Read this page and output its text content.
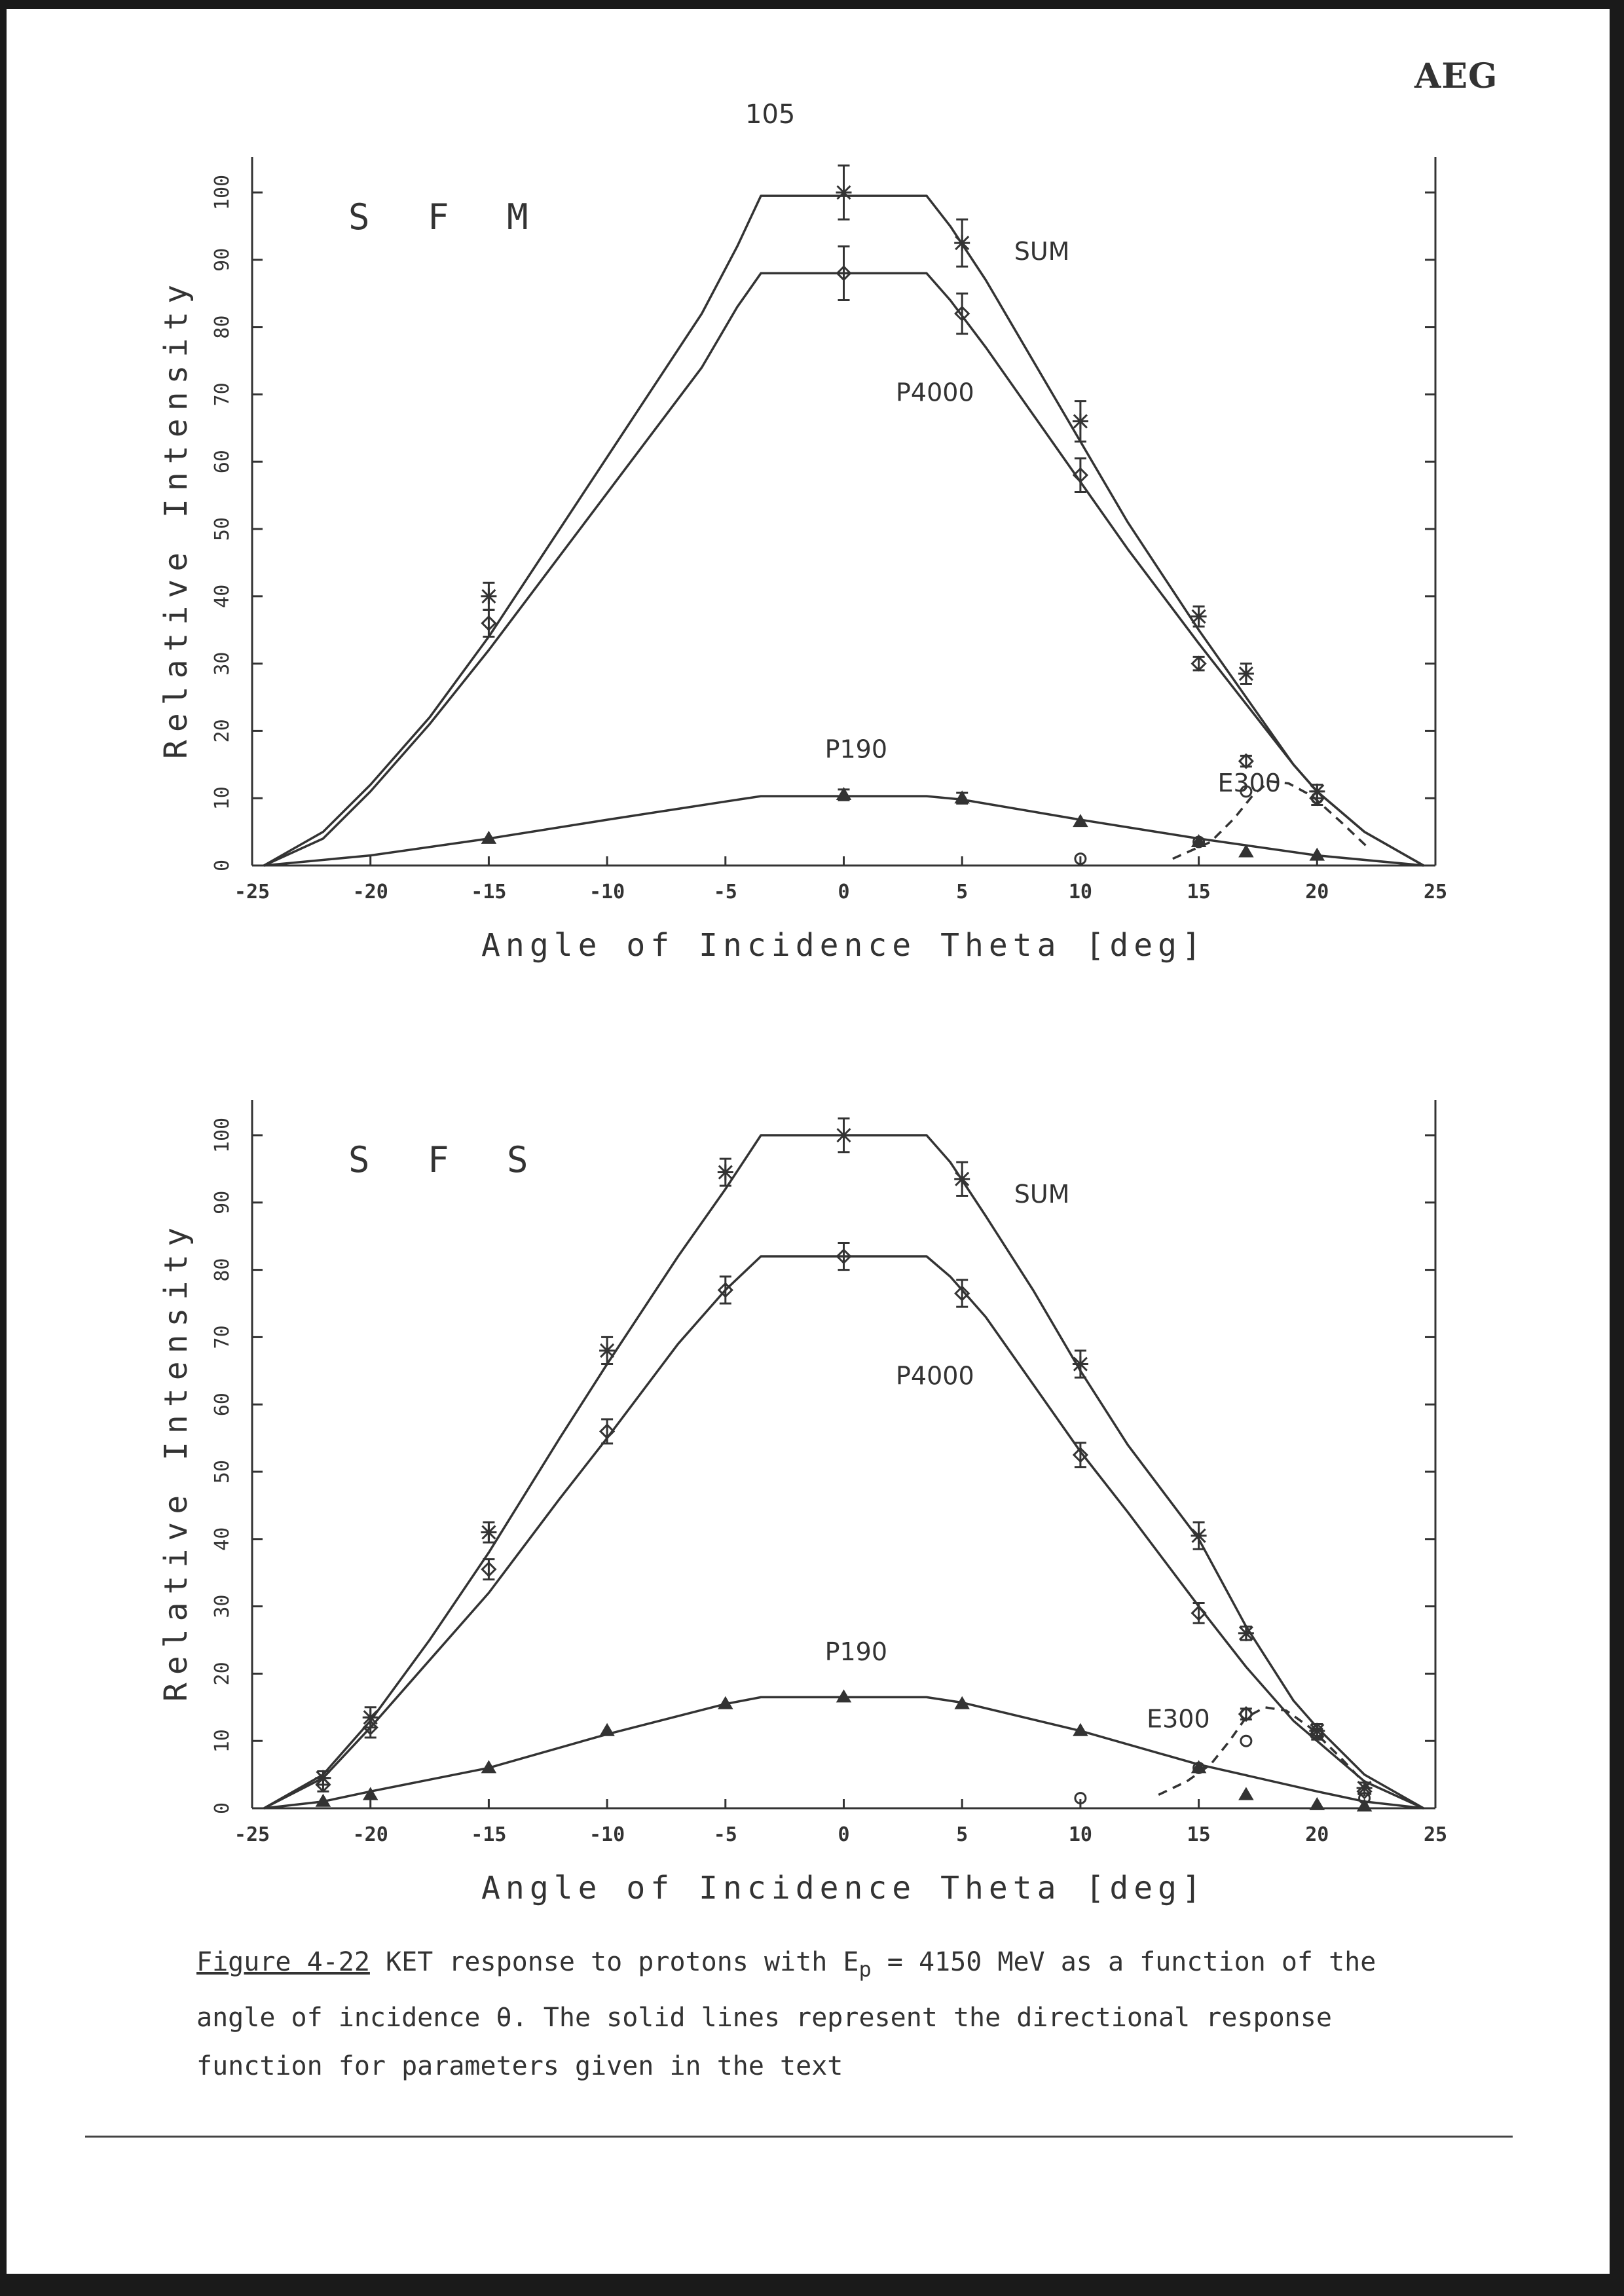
AEG
105
0
10
20
30
40
50
60
70
80
90
100
-25	-20	-15	-10	-5	0	5	10	15	20	25
Angle of Incidence Theta [deg]
Relative Intensity
S F M
SUM
P4000
P190
E300
0
10
20
30
40
50
60
70
80
90
100
-25	-20	-15	-10	-5	0	5	10	15	20	25
Angle of Incidence Theta [deg]
Relative Intensity
S F S
SUM
P4000
P190
E300
Figure 4-22 KET response to protons with $E_p = 4150$ MeV as a function of the
angle of incidence θ. The solid lines represent the directional response
function for parameters given in the text
